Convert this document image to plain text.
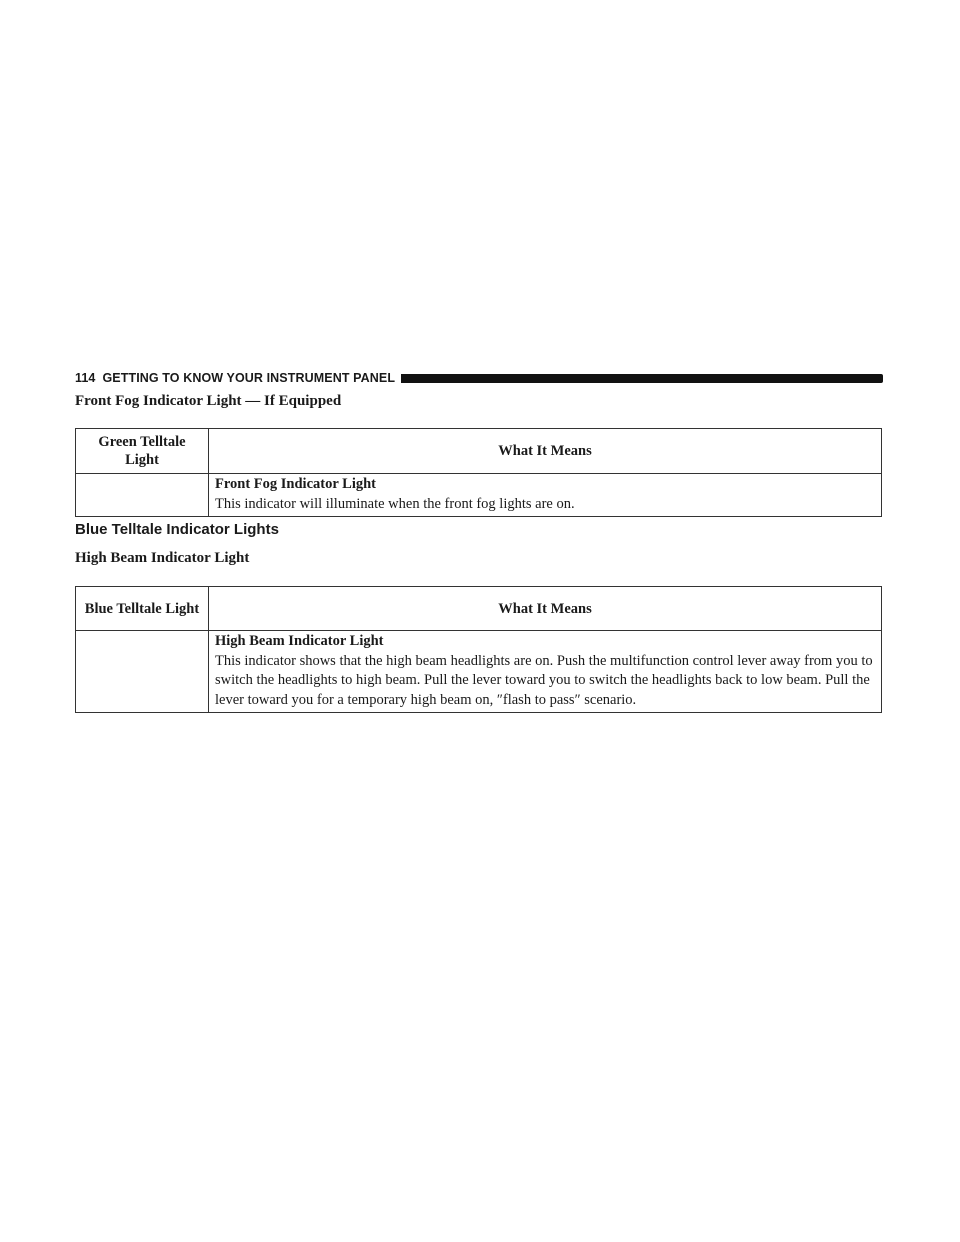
114 GETTING TO KNOW YOUR INSTRUMENT PANEL
Front Fog Indicator Light — If Equipped
Green Telltale Light	What It Means

	Front Fog Indicator Light
This indicator will illuminate when the front fog lights are on.
Blue Telltale Indicator Lights
High Beam Indicator Light
Blue Telltale Light	What It Means

	High Beam Indicator Light
This indicator shows that the high beam headlights are on. Push the multifunction control lever away from you to switch the headlights to high beam. Pull the lever toward you to switch the headlights back to low beam. Pull the lever toward you for a temporary high beam on, ″flash to pass″ scenario.
